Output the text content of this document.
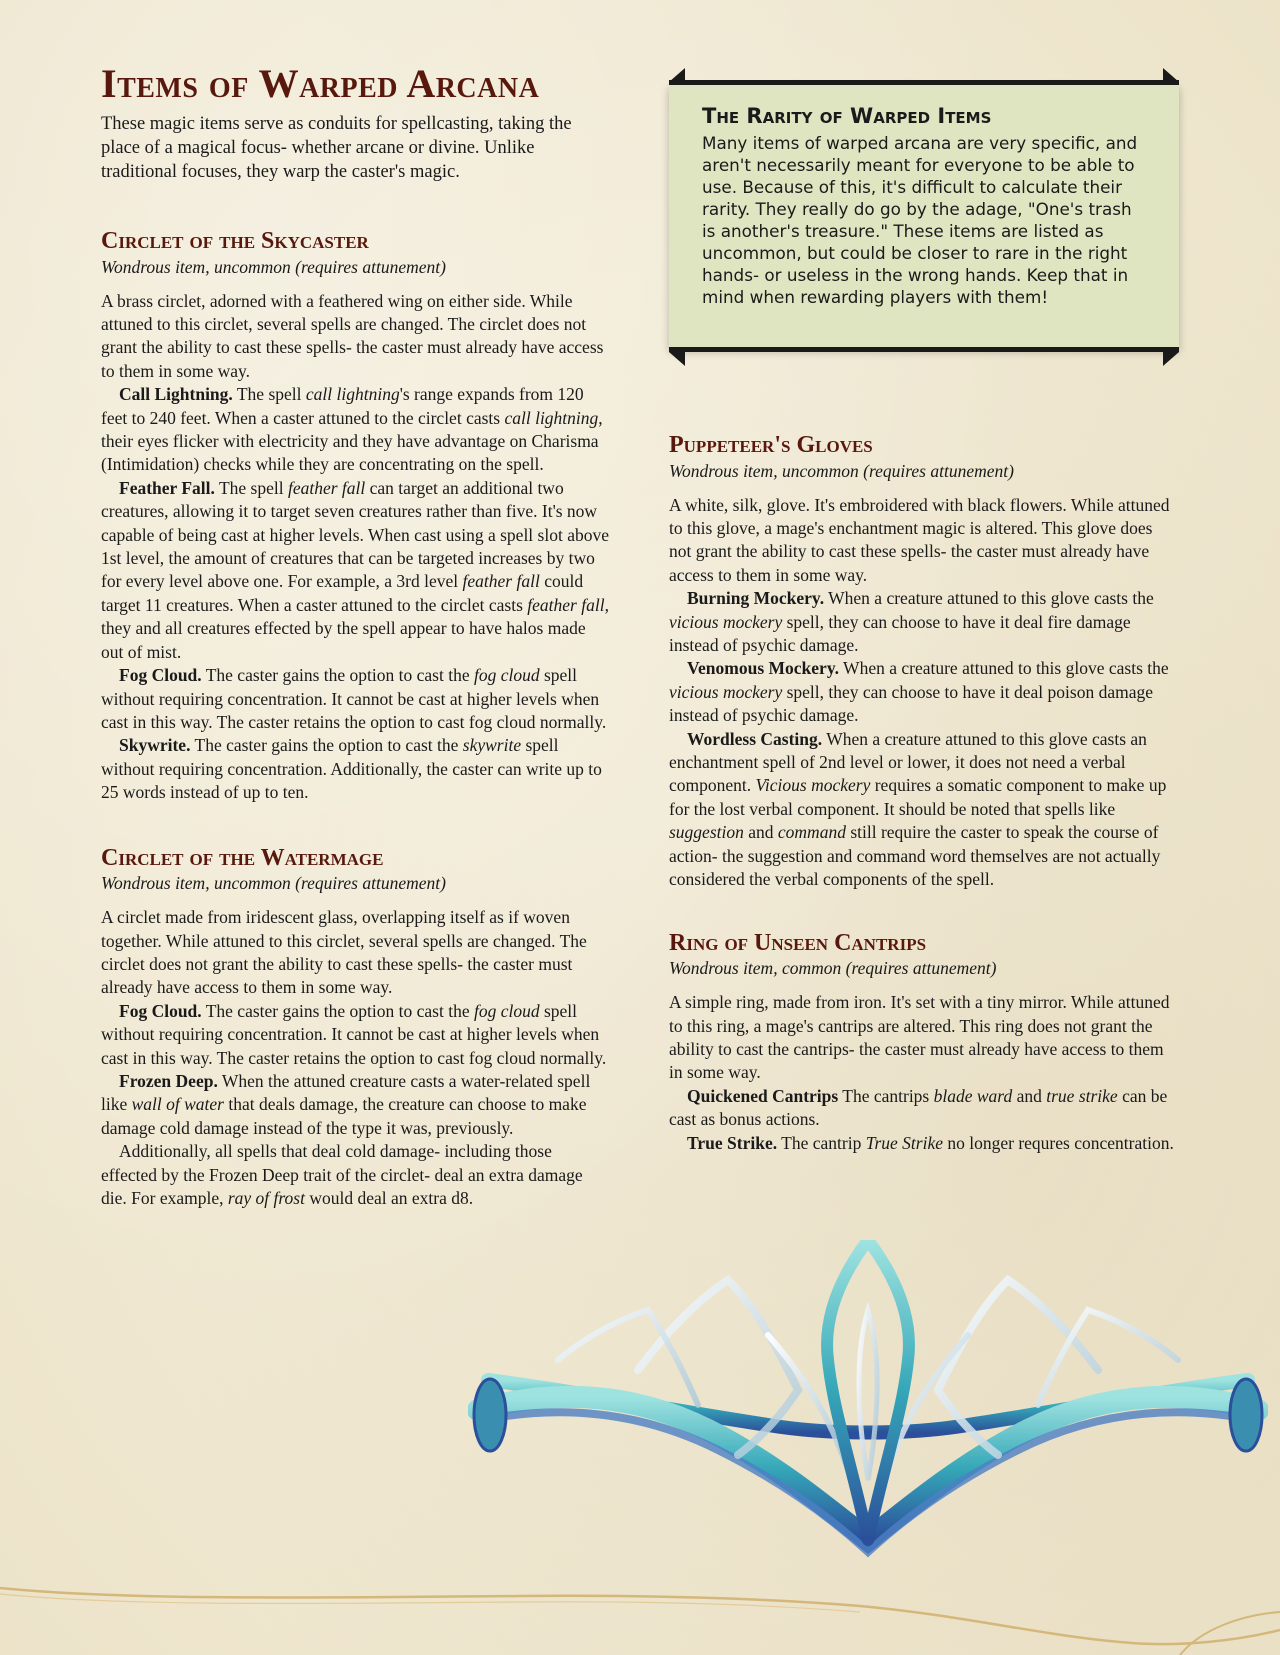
Items of Warped Arcana

These magic items serve as conduits for spellcasting, taking the place of a magical focus- whether arcane or divine. Unlike traditional focuses, they warp the caster's magic.

Circlet of the Skycaster

Wondrous item, uncommon (requires attunement)

A brass circlet, adorned with a feathered wing on either side. While attuned to this circlet, several spells are changed. The circlet does not grant the ability to cast these spells- the caster must already have access to them in some way.

Call Lightning. The spell call lightning's range expands from 120 feet to 240 feet. When a caster attuned to the circlet casts call lightning, their eyes flicker with electricity and they have advantage on Charisma (Intimidation) checks while they are concentrating on the spell.

Feather Fall. The spell feather fall can target an additional two creatures, allowing it to target seven creatures rather than five. It's now capable of being cast at higher levels. When cast using a spell slot above 1st level, the amount of creatures that can be targeted increases by two for every level above one. For example, a 3rd level feather fall could target 11 creatures. When a caster attuned to the circlet casts feather fall, they and all creatures effected by the spell appear to have halos made out of mist.

Fog Cloud. The caster gains the option to cast the fog cloud spell without requiring concentration. It cannot be cast at higher levels when cast in this way. The caster retains the option to cast fog cloud normally.

Skywrite. The caster gains the option to cast the skywrite spell without requiring concentration. Additionally, the caster can write up to 25 words instead of up to ten.

Circlet of the Watermage

Wondrous item, uncommon (requires attunement)

A circlet made from iridescent glass, overlapping itself as if woven together. While attuned to this circlet, several spells are changed. The circlet does not grant the ability to cast these spells- the caster must already have access to them in some way.

Fog Cloud. The caster gains the option to cast the fog cloud spell without requiring concentration. It cannot be cast at higher levels when cast in this way. The caster retains the option to cast fog cloud normally.

Frozen Deep. When the attuned creature casts a water-related spell like wall of water that deals damage, the creature can choose to make damage cold damage instead of the type it was, previously.

Additionally, all spells that deal cold damage- including those effected by the Frozen Deep trait of the circlet- deal an extra damage die. For example, ray of frost would deal an extra d8.

The Rarity of Warped Items

Many items of warped arcana are very specific, and aren't necessarily meant for everyone to be able to use. Because of this, it's difficult to calculate their rarity. They really do go by the adage, "One's trash is another's treasure." These items are listed as uncommon, but could be closer to rare in the right hands- or useless in the wrong hands. Keep that in mind when rewarding players with them!

Puppeteer's Gloves

Wondrous item, uncommon (requires attunement)

A white, silk, glove. It's embroidered with black flowers. While attuned to this glove, a mage's enchantment magic is altered. This glove does not grant the ability to cast these spells- the caster must already have access to them in some way.

Burning Mockery. When a creature attuned to this glove casts the vicious mockery spell, they can choose to have it deal fire damage instead of psychic damage.

Venomous Mockery. When a creature attuned to this glove casts the vicious mockery spell, they can choose to have it deal poison damage instead of psychic damage.

Wordless Casting. When a creature attuned to this glove casts an enchantment spell of 2nd level or lower, it does not need a verbal component. Vicious mockery requires a somatic component to make up for the lost verbal component. It should be noted that spells like suggestion and command still require the caster to speak the course of action- the suggestion and command word themselves are not actually considered the verbal components of the spell.

Ring of Unseen Cantrips

Wondrous item, common (requires attunement)

A simple ring, made from iron. It's set with a tiny mirror. While attuned to this ring, a mage's cantrips are altered. This ring does not grant the ability to cast the cantrips- the caster must already have access to them in some way.

Quickened Cantrips The cantrips blade ward and true strike can be cast as bonus actions.

True Strike. The cantrip True Strike no longer requres concentration.
